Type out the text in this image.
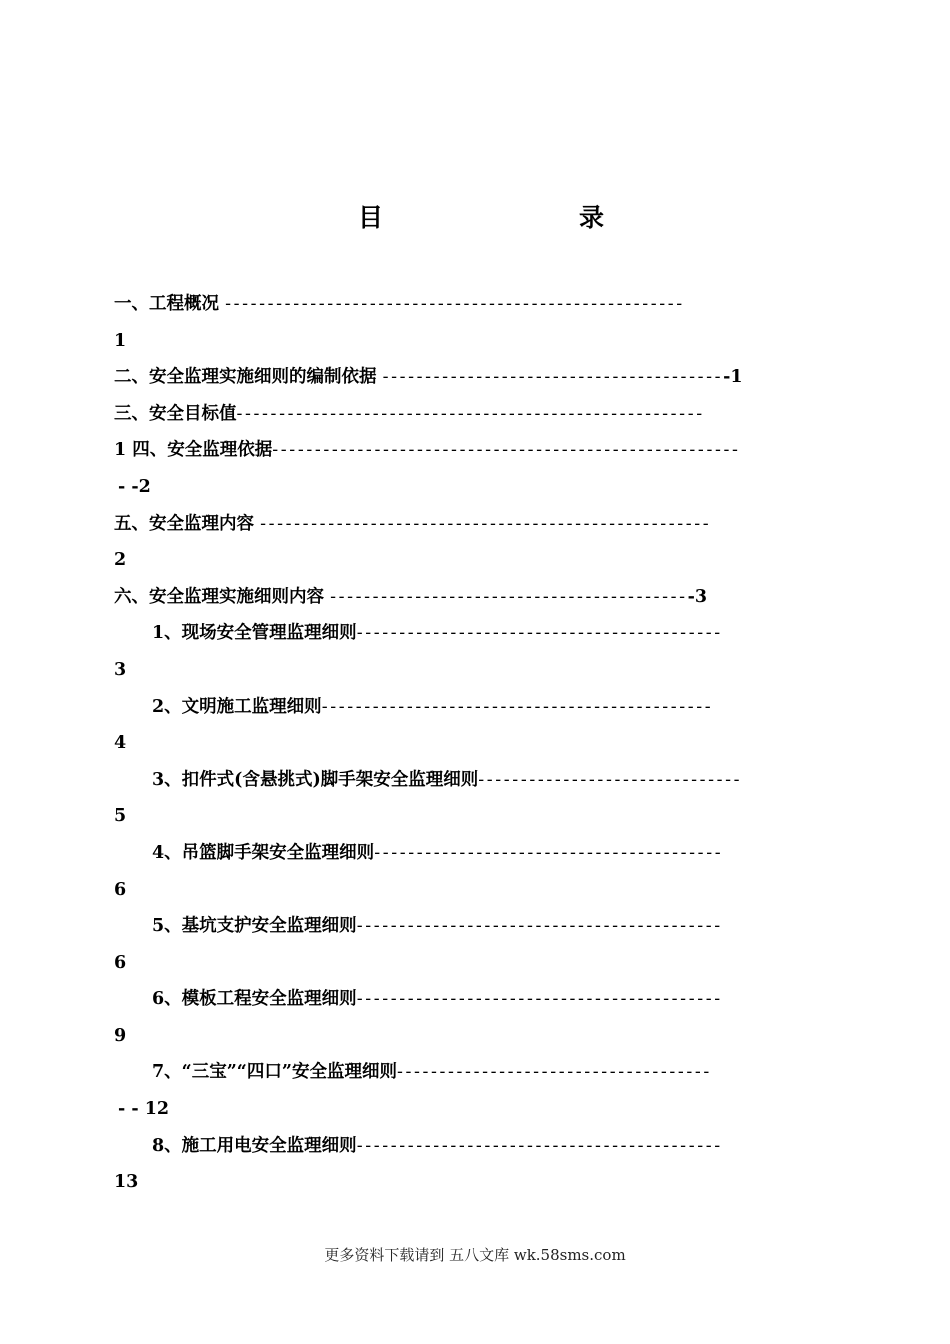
目	录
一、工程概况 ------------------------------------------------------
1
二、安全监理实施细则的编制依据 -----------------------------------------1
三、安全目标值-------------------------------------------------------
1 四、安全监理依据-------------------------------------------------------
- -2
五、安全监理内容 -----------------------------------------------------
2
六、安全监理实施细则内容 -------------------------------------------3
1、现场安全管理监理细则-------------------------------------------
3
2、文明施工监理细则----------------------------------------------
4
3、扣件式(含悬挑式)脚手架安全监理细则-------------------------------
5
4、吊篮脚手架安全监理细则-----------------------------------------
6
5、基坑支护安全监理细则-------------------------------------------
6
6、模板工程安全监理细则-------------------------------------------
9
7、“三宝”“四口”安全监理细则-------------------------------------
- - 12
8、施工用电安全监理细则-------------------------------------------
13
更多资料下载请到 五八文库 wk.58sms.com
